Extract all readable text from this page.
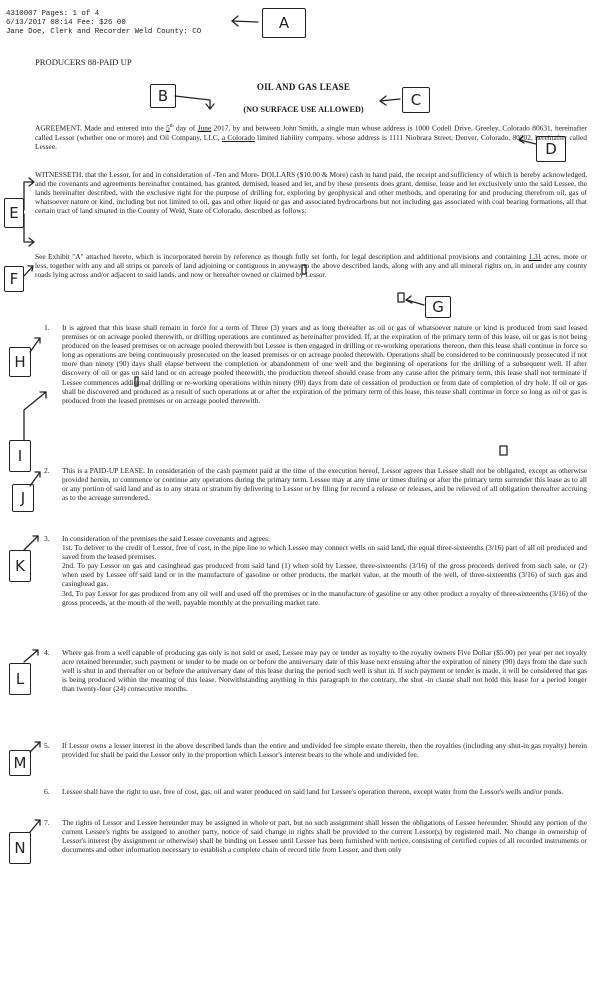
4310007 Pages: 1 of 4
6/13/2017 08:14 Fee: $26 00
Jane Doe, Clerk and Recorder Weld County: CO
PRODUCERS 88-PAID UP
OIL AND GAS LEASE
(NO SURFACE USE ALLOWED)

AGREEMENT, Made and entered into the 5th day of June 2017, by and between John Smith, a single man whose address is 1000 Codell Drive, Greeley, Colorado 80631, hereinafter called Lessor (whether one or more) and Oil Company, LLC, a Colorado limited liability company, whose address is 1111 Niobrara Street, Denver, Colorado, 80202, hereinafter called Lessee.

WITNESSETH, that the Lessor, for and in consideration of -Ten and More- DOLLARS ($10.00 & More) cash in hand paid, the receipt and sufficiency of which is hereby acknowledged, and the covenants and agreements hereinafter contained, has granted, demised, leased and let, and by these presents does grant, demise, lease and let exclusively unto the said Lessee, the lands hereinafter described, with the exclusive right for the purpose of drilling for, exploring by geophysical and other methods, and operating for and producing therefrom oil, gas of whatsoever nature or kind, including but not limited to oil, gas and other liquid or gas and associated hydrocarbons but not including gas associated with coal bearing formations, all that certain tract of land situated in the County of Weld, State of Colorado, described as follows:

See Exhibit "A" attached hereto, which is incorporated herein by reference as though fully set forth, for legal description and additional provisions and containing 1.31 acres, more or less, together with any and all strips or parcels of land adjoining or contiguous in anyway to the above described lands, along with any and all mineral rights on, in and under any county roads lying across and/or adjacent to said lands, and now or hereafter owned or claimed by Lessor.

1. It is agreed that this lease shall remain in force for a term of Three (3) years and as long thereafter as oil or gas of whatsoever nature or kind is produced from said leased premises or on acreage pooled therewith, or drilling operations are continued as hereinafter provided. If, at the expiration of the primary term of this lease, oil or gas is not being produced on the leased premises or on acreage pooled therewith but Lessee is then engaged in drilling or re-working operations thereon, then this lease shall continue in force so long as operations are being continuously prosecuted on the leased premises or on acreage pooled therewith. Operations shall be considered to be continuously prosecuted if not more than ninety (90) days shall elapse between the completion or abandonment of one well and the beginning of operations for the drilling of a subsequent well. If after discovery of oil or gas on said land or on acreage pooled therewith, the production thereof should cease from any cause after the primary term, this lease shall not terminate if Lessee commences additional drilling or re-working operations within ninety (90) days from date of cessation of production or from date of completion of dry hole. If oil or gas shall be discovered and produced as a result of such operations at or after the expiration of the primary term of this lease, this tease shall continue in force so long as oil or gas is produced from the leased premises or on acreage pooled therewith.

2. This is a PAID-UP LEASE. In consideration of the cash payment paid at the time of the execution hereof, Lessor agrees that Lessee shall not be obligated, except as otherwise provided herein, to commence or continue any operations during the primary term. Lessee may at any time or times during or after the primary term surrender this lease as to all or any portion of said land and as to any strata or stratum by delivering to Lessor or by filing for record a release or releases, and be relieved of all obligation thereafter accruing as to the acreage surrendered.

3. In consideration of the premises the said Lessee covenants and agrees:
1st. To deliver to the credit of Lessor, free of cost, in the pipe line to which Lessee may connect wells on said land, the equal three-sixteenths (3/16) part of all oil produced and saved from the leased premises.
2nd. To pay Lessor on gas and casinghead gas produced from said land (1) when sold by Lessee, three-sixteenths (3/16) of the gross proceeds derived from such sale, or (2) when used by Lessee off said land or in the manufacture of gasoline or other products, the market value, at the mouth of the well, of three-sixteenths (3/16) of such gas and casinghead gas.
3rd, To pay Lessor for gas produced from any oil well and used off the premises or in the manufacture of gasoline or any other product a royalty of three-sixteenths (3/16) of the gross proceeds, at the mouth of the well, payable monthly at the prevailing market rate.
4. Where gas from a well capable of producing gas only is not sold or used, Lessee may pay or tender as royalty to the royalty owners Five Dollar ($5.00) per year per net royalty acre retained hereunder, such payment or tender to be made on or before the anniversary date of this lease next ensuing after the expiration of ninety (90) days from the date such well is shut in and thereafter on or before the anniversary date of this lease during the period such well is shut in. If such payment or tender is made, it will be considered that gas is being produced within the meaning of this lease. Notwithstanding anything in this paragraph to the contrary, the shut -in clause shall not hold this lease for a period longer than twenty-four (24) consecutive months.

5. If Lessor owns a lesser interest in the above described lands than the entire and undivided fee simple estate therein, then the royalties (including any shut-in gas royalty) herein provided for shall be paid the Lessor only in the proportion which Lessor's interest bears to the whole and undivided fee.

6. Lessee shall have the right to use, free of cost, gas, oil and water produced on said land for Lessee's operation thereon, except water from the Lessor's wells and/or ponds.

7. The rights of Lessor and Lessee hereunder may be assigned in whole or part, but no such assignment shall lessen the obligations of Lessee hereunder. Should any portion of the current Lessee's rights be assigned to another party, notice of said change in rights shall be provided to the current Lessor(s) by registered mail. No change in ownership of Lessor's interest (by assignment or otherwise) shall be binding on Lessee until Lessee has been furnished with notice, consisting of certified copies of all recorded instruments or documents and other information necessary to establish a complete chain of record title from Lessor, and then only

A
B	C
D
E
F
G
H
I
J
K
L
M
N
